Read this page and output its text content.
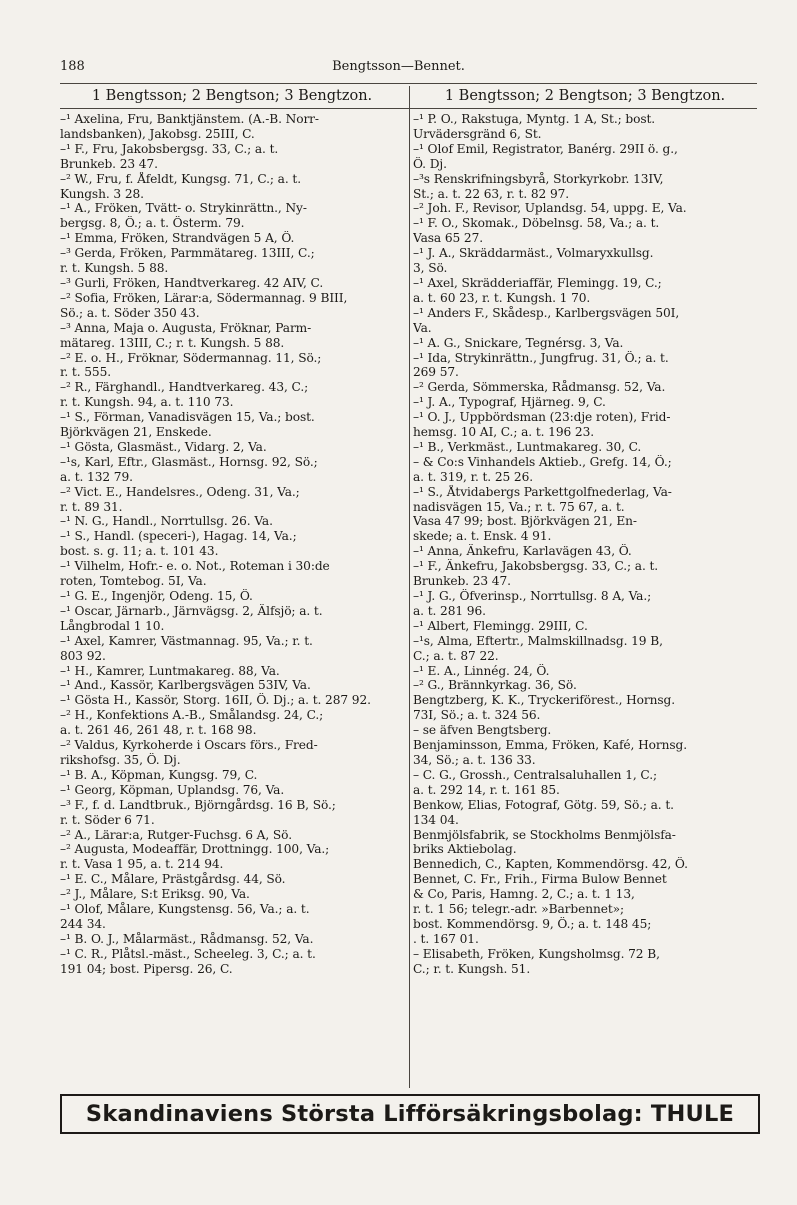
188	Bengtsson—Bennet.
1 Bengtsson; 2 Bengtson; 3 Bengtzon.	1 Bengtsson; 2 Bengtson; 3 Bengtzon.

–¹ Axelina, Fru, Banktjänstem. (A.-B. Norr-

landsbanken), Jakobsg. 25III, C.

–¹ F., Fru, Jakobsbergsg. 33, C.; a. t.

Brunkeb. 23 47.

–² W., Fru, f. Åfeldt, Kungsg. 71, C.; a. t.

Kungsh. 3 28.

–¹ A., Fröken, Tvätt- o. Strykinrättn., Ny-

bergsg. 8, Ö.; a. t. Österm. 79.

–¹ Emma, Fröken, Strandvägen 5 A, Ö.

–³ Gerda, Fröken, Parmmätareg. 13III, C.;

r. t. Kungsh. 5 88.

–³ Gurli, Fröken, Handtverkareg. 42 AIV, C.

–² Sofia, Fröken, Lärar:a, Södermannag. 9 BIII,

Sö.; a. t. Söder 350 43.

–³ Anna, Maja o. Augusta, Fröknar, Parm-

mätareg. 13III, C.; r. t. Kungsh. 5 88.

–² E. o. H., Fröknar, Södermannag. 11, Sö.;

r. t. 555.

–² R., Färghandl., Handtverkareg. 43, C.;

r. t. Kungsh. 94, a. t. 110 73.

–¹ S., Förman, Vanadisvägen 15, Va.; bost.

Björkvägen 21, Enskede.

–¹ Gösta, Glasmäst., Vidarg. 2, Va.

–¹s, Karl, Eftr., Glasmäst., Hornsg. 92, Sö.;

a. t. 132 79.

–² Vict. E., Handelsres., Odeng. 31, Va.;

r. t. 89 31.

–¹ N. G., Handl., Norrtullsg. 26. Va.

–¹ S., Handl. (speceri-), Hagag. 14, Va.;

bost. s. g. 11; a. t. 101 43.

–¹ Vilhelm, Hofr.- e. o. Not., Roteman i 30:de

roten, Tomtebog. 5I, Va.

–¹ G. E., Ingenjör, Odeng. 15, Ö.

–¹ Oscar, Järnarb., Järnvägsg. 2, Älfsjö; a. t.

Långbrodal 1 10.

–¹ Axel, Kamrer, Västmannag. 95, Va.; r. t.

803 92.

–¹ H., Kamrer, Luntmakareg. 88, Va.

–¹ And., Kassör, Karlbergsvägen 53IV, Va.

–¹ Gösta H., Kassör, Storg. 16II, Ö. Dj.; a. t. 287 92.

–² H., Konfektions A.-B., Smålandsg. 24, C.;

a. t. 261 46, 261 48, r. t. 168 98.

–² Valdus, Kyrkoherde i Oscars förs., Fred-

rikshofsg. 35, Ö. Dj.

–¹ B. A., Köpman, Kungsg. 79, C.

–¹ Georg, Köpman, Uplandsg. 76, Va.

–³ F., f. d. Landtbruk., Björngårdsg. 16 B, Sö.;

r. t. Söder 6 71.

–² A., Lärar:a, Rutger-Fuchsg. 6 A, Sö.

–² Augusta, Modeaffär, Drottningg. 100, Va.;

r. t. Vasa 1 95, a. t. 214 94.

–¹ E. C., Målare, Prästgårdsg. 44, Sö.

–² J., Målare, S:t Eriksg. 90, Va.

–¹ Olof, Målare, Kungstensg. 56, Va.; a. t.

244 34.

–¹ B. O. J., Målarmäst., Rådmansg. 52, Va.

–¹ C. R., Plåtsl.-mäst., Scheeleg. 3, C.; a. t.

191 04; bost. Pipersg. 26, C.

–¹ P. O., Rakstuga, Myntg. 1 A, St.; bost.

Urvädersgränd 6, St.

–¹ Olof Emil, Registrator, Banérg. 29II ö. g.,

Ö. Dj.

–³s Renskrifningsbyrå, Storkyrkobr. 13IV,

St.; a. t. 22 63, r. t. 82 97.

–² Joh. F., Revisor, Uplandsg. 54, uppg. E, Va.

–¹ F. O., Skomak., Döbelnsg. 58, Va.; a. t.

Vasa 65 27.

–¹ J. A., Skräddarmäst., Volmaryxkullsg.

3, Sö.

–¹ Axel, Skrädderiaffär, Flemingg. 19, C.;

a. t. 60 23, r. t. Kungsh. 1 70.

–¹ Anders F., Skådesp., Karlbergsvägen 50I,

Va.

–¹ A. G., Snickare, Tegnérsg. 3, Va.

–¹ Ida, Strykinrättn., Jungfrug. 31, Ö.; a. t.

269 57.

–² Gerda, Sömmerska, Rådmansg. 52, Va.

–¹ J. A., Typograf, Hjärneg. 9, C.

–¹ O. J., Uppbördsman (23:dje roten), Frid-

hemsg. 10 AI, C.; a. t. 196 23.

–¹ B., Verkmäst., Luntmakareg. 30, C.

– & Co:s Vinhandels Aktieb., Grefg. 14, Ö.;

a. t. 319, r. t. 25 26.

–¹ S., Åtvidabergs Parkettgolfnederlag, Va-

nadisvägen 15, Va.; r. t. 75 67, a. t.

Vasa 47 99; bost. Björkvägen 21, En-

skede; a. t. Ensk. 4 91.

–¹ Anna, Änkefru, Karlavägen 43, Ö.

–¹ F., Änkefru, Jakobsbergsg. 33, C.; a. t.

Brunkeb. 23 47.

–¹ J. G., Öfverinsp., Norrtullsg. 8 A, Va.;

a. t. 281 96.

–¹ Albert, Flemingg. 29III, C.

–¹s, Alma, Eftertr., Malmskillnadsg. 19 B,

C.; a. t. 87 22.

–¹ E. A., Linnég. 24, Ö.

–² G., Brännkyrkag. 36, Sö.

Bengtzberg, K. K., Tryckeriförest., Hornsg.

73I, Sö.; a. t. 324 56.

– se äfven Bengtsberg.

Benjaminsson, Emma, Fröken, Kafé, Hornsg.

34, Sö.; a. t. 136 33.

– C. G., Grossh., Centralsaluhallen 1, C.;

a. t. 292 14, r. t. 161 85.

Benkow, Elias, Fotograf, Götg. 59, Sö.; a. t.

134 04.

Benmjölsfabrik, se Stockholms Benmjölsfa-

briks Aktiebolag.

Bennedich, C., Kapten, Kommendörsg. 42, Ö.

Bennet, C. Fr., Frih., Firma Bulow Bennet

& Co, Paris, Hamng. 2, C.; a. t. 1 13,

r. t. 1 56; telegr.-adr. »Barbennet»;

bost. Kommendörsg. 9, Ö.; a. t. 148 45;

. t. 167 01.

– Elisabeth, Fröken, Kungsholmsg. 72 B,

C.; r. t. Kungsh. 51.

Skandinaviens Största Lifförsäkringsbolag: THULE
